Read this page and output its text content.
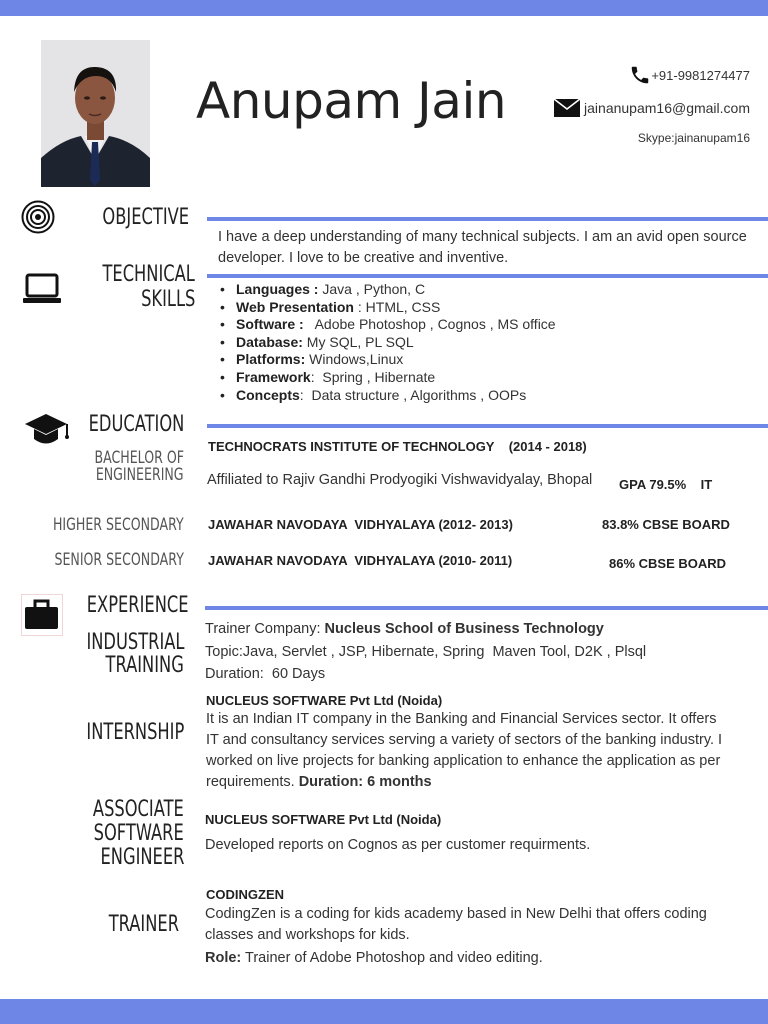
Anupam Jain	+91-9981274477
jainanupam16@gmail.com
Skype:jainanupam16
OBJECTIVE
I have a deep understanding of many technical subjects. I am an avid open source developer. I love to be creative and inventive.
TECHNICAL
SKILLS
•	Languages : Java , Python, C
• Web Presentation : HTML, CSS
• Software :   Adobe Photoshop , Cognos , MS office
• Database: My SQL, PL SQL
• Platforms: Windows,Linux
• Framework:  Spring , Hibernate
• Concepts:  Data structure , Algorithms , OOPs
EDUCATION
BACHELOR OF
ENGINEERING
TECHNOCRATS INSTITUTE OF TECHNOLOGY    (2014 - 2018)
Affiliated to Rajiv Gandhi Prodyogiki Vishwavidyalay, Bhopal	GPA 79.5%    IT
HIGHER SECONDARY JAWAHAR NAVODAYA  VIDHYALAYA (2012- 2013)	83.8% CBSE BOARD
SENIOR SECONDARY JAWAHAR NAVODAYA  VIDHYALAYA (2010- 2011)	86% CBSE BOARD
EXPERIENCE
INDUSTRIAL
TRAINING
Trainer Company: Nucleus School of Business Technology
Topic:Java, Servlet , JSP, Hibernate, Spring  Maven Tool, D2K , Plsql
Duration:  60 Days
INTERNSHIP
NUCLEUS SOFTWARE Pvt Ltd (Noida)
It is an Indian IT company in the Banking and Financial Services sector. It offers IT and consultancy services serving a variety of sectors of the banking industry. I worked on live projects for banking application to enhance the application as per requirements. Duration: 6 months
ASSOCIATE
SOFTWARE
ENGINEER
NUCLEUS SOFTWARE Pvt Ltd (Noida)
Developed reports on Cognos as per customer requirments.
TRAINER
CODINGZEN
CodingZen is a coding for kids academy based in New Delhi that offers coding classes and workshops for kids.
Role: Trainer of Adobe Photoshop and video editing.
